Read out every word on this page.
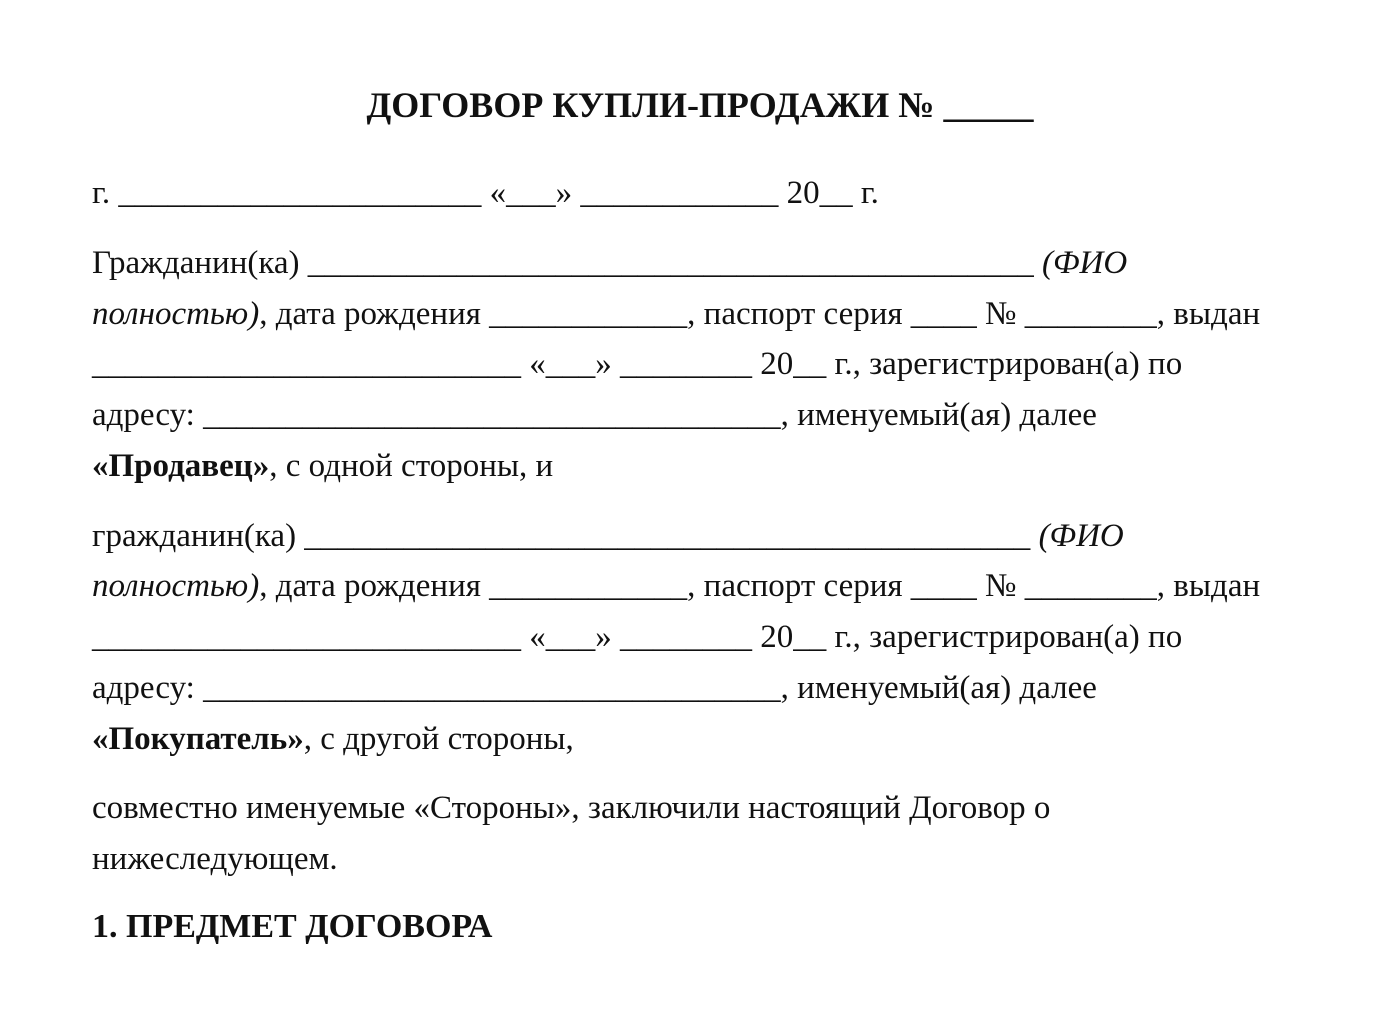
ДОГОВОР КУПЛИ-ПРОДАЖИ № _____
г. ______________________ «___» ____________ 20__ г.
Гражданин(ка) ____________________________________________ (ФИО
полностью), дата рождения ____________, паспорт серия ____ № ________, выдан
__________________________ «___» ________ 20__ г., зарегистрирован(а) по
адресу: ___________________________________, именуемый(ая) далее
«Продавец», с одной стороны, и
гражданин(ка) ____________________________________________ (ФИО
полностью), дата рождения ____________, паспорт серия ____ № ________, выдан
__________________________ «___» ________ 20__ г., зарегистрирован(а) по
адресу: ___________________________________, именуемый(ая) далее
«Покупатель», с другой стороны,
совместно именуемые «Стороны», заключили настоящий Договор о
нижеследующем.
1. ПРЕДМЕТ ДОГОВОРА
